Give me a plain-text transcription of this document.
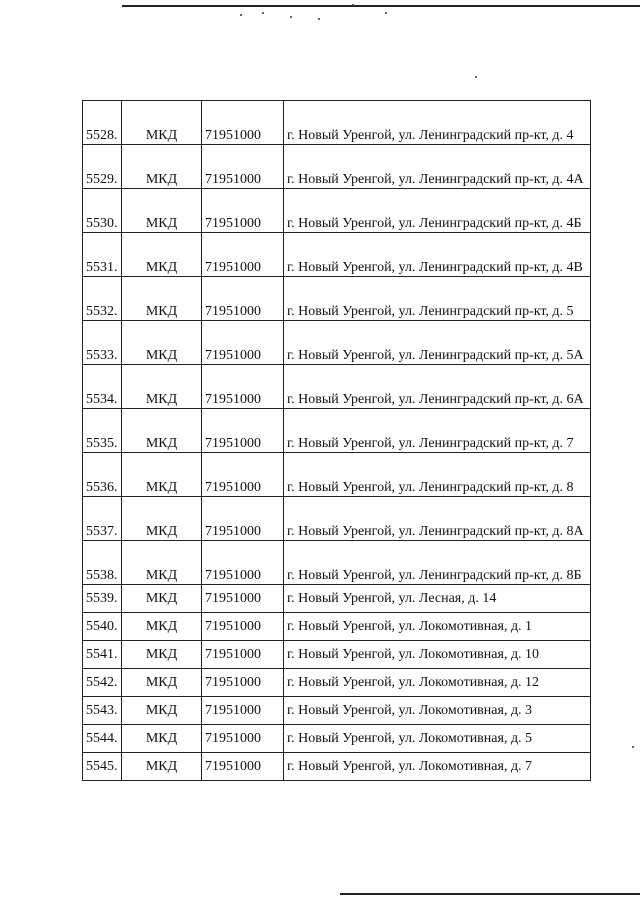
5528.	МКД	71951000	г. Новый Уренгой, ул. Ленинградский пр-кт, д. 4
5529.	МКД	71951000	г. Новый Уренгой, ул. Ленинградский пр-кт, д. 4А
5530.	МКД	71951000	г. Новый Уренгой, ул. Ленинградский пр-кт, д. 4Б
5531.	МКД	71951000	г. Новый Уренгой, ул. Ленинградский пр-кт, д. 4В
5532.	МКД	71951000	г. Новый Уренгой, ул. Ленинградский пр-кт, д. 5
5533.	МКД	71951000	г. Новый Уренгой, ул. Ленинградский пр-кт, д. 5А
5534.	МКД	71951000	г. Новый Уренгой, ул. Ленинградский пр-кт, д. 6А
5535.	МКД	71951000	г. Новый Уренгой, ул. Ленинградский пр-кт, д. 7
5536.	МКД	71951000	г. Новый Уренгой, ул. Ленинградский пр-кт, д. 8
5537.	МКД	71951000	г. Новый Уренгой, ул. Ленинградский пр-кт, д. 8А
5538.	МКД	71951000	г. Новый Уренгой, ул. Ленинградский пр-кт, д. 8Б
5539.	МКД	71951000	г. Новый Уренгой, ул. Лесная, д. 14
5540.	МКД	71951000	г. Новый Уренгой, ул. Локомотивная, д. 1
5541.	МКД	71951000	г. Новый Уренгой, ул. Локомотивная, д. 10
5542.	МКД	71951000	г. Новый Уренгой, ул. Локомотивная, д. 12
5543.	МКД	71951000	г. Новый Уренгой, ул. Локомотивная, д. 3
5544.	МКД	71951000	г. Новый Уренгой, ул. Локомотивная, д. 5
5545.	МКД	71951000	г. Новый Уренгой, ул. Локомотивная, д. 7
